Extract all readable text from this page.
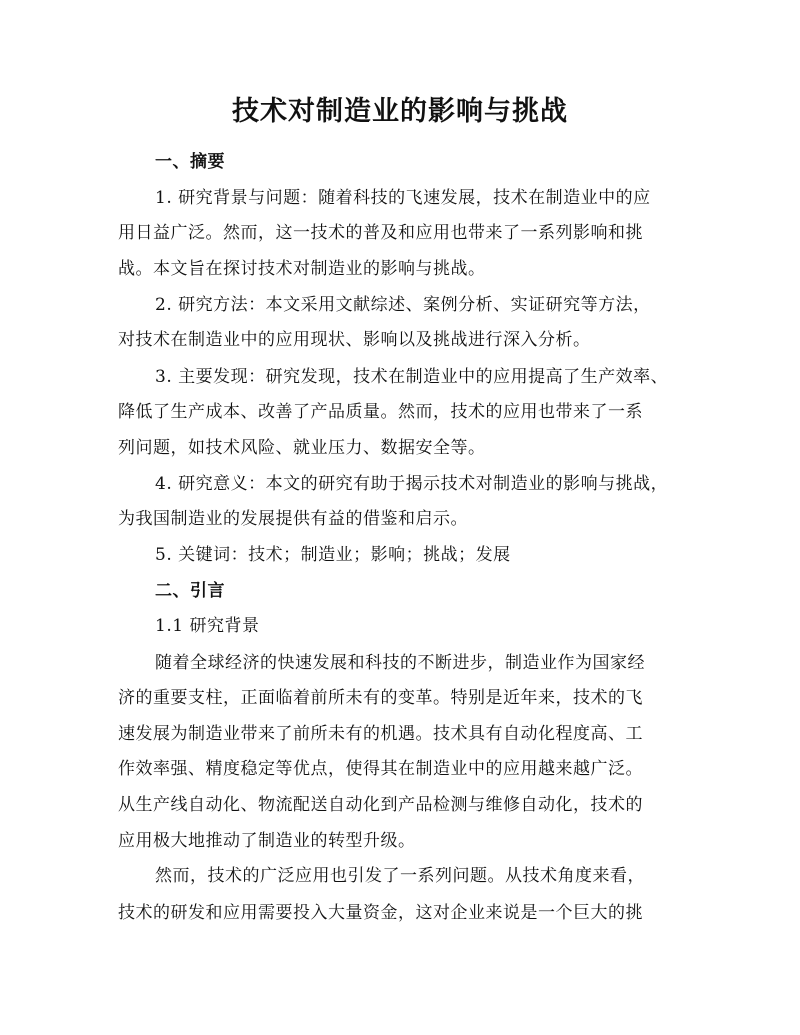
技术对制造业的影响与挑战
一、摘要
1. 研究背景与问题：随着科技的飞速发展，技术在制造业中的应
用日益广泛。然而，这一技术的普及和应用也带来了一系列影响和挑
战。本文旨在探讨技术对制造业的影响与挑战。
2. 研究方法：本文采用文献综述、案例分析、实证研究等方法，
对技术在制造业中的应用现状、影响以及挑战进行深入分析。
3. 主要发现：研究发现，技术在制造业中的应用提高了生产效率、
降低了生产成本、改善了产品质量。然而，技术的应用也带来了一系
列问题，如技术风险、就业压力、数据安全等。
4. 研究意义：本文的研究有助于揭示技术对制造业的影响与挑战，
为我国制造业的发展提供有益的借鉴和启示。
5. 关键词：技术；制造业；影响；挑战；发展
二、引言
1.1 研究背景
随着全球经济的快速发展和科技的不断进步，制造业作为国家经
济的重要支柱，正面临着前所未有的变革。特别是近年来，技术的飞
速发展为制造业带来了前所未有的机遇。技术具有自动化程度高、工
作效率强、精度稳定等优点，使得其在制造业中的应用越来越广泛。
从生产线自动化、物流配送自动化到产品检测与维修自动化，技术的
应用极大地推动了制造业的转型升级。
然而，技术的广泛应用也引发了一系列问题。从技术角度来看，
技术的研发和应用需要投入大量资金，这对企业来说是一个巨大的挑
